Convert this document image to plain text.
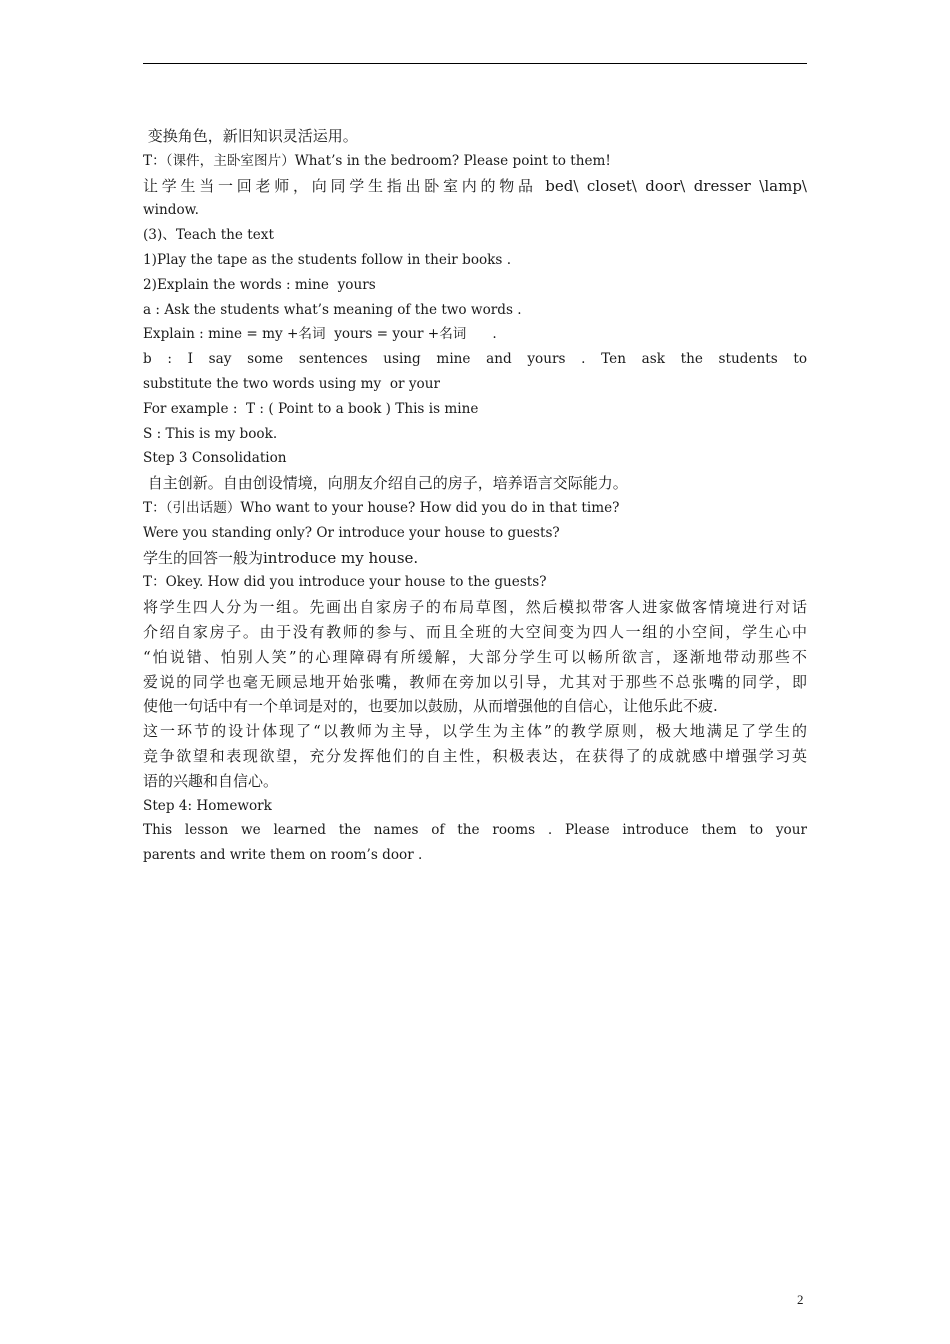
变换角色，新旧知识灵活运用。
T：（课件，主卧室图片）What’s in the bedroom? Please point to them!
让学生当一回老师，向同学生指出卧室内的物品 bed\ closet\ door\ dresser \lamp\
window.
(3)、Teach the text
1)Play the tape as the students follow in their books .
2)Explain the words : mine  yours
a : Ask the students what’s meaning of the two words .
Explain : mine = my +名词  yours = your +名词      .
b : I say some sentences using mine and yours . Ten ask the students to
substitute the two words using my  or your
For example :  T : ( Point to a book ) This is mine
S : This is my book.
Step 3 Consolidation
自主创新。自由创设情境，向朋友介绍自己的房子，培养语言交际能力。
T：（引出话题）Who want to your house? How did you do in that time?
Were you standing only? Or introduce your house to guests?
学生的回答一般为introduce my house.
T：Okey. How did you introduce your house to the guests?
将学生四人分为一组。先画出自家房子的布局草图，然后模拟带客人进家做客情境进行对话
介绍自家房子。由于没有教师的参与、而且全班的大空间变为四人一组的小空间，学生心中
“怕说错、怕别人笑”的心理障碍有所缓解，大部分学生可以畅所欲言，逐渐地带动那些不
爱说的同学也毫无顾忌地开始张嘴，教师在旁加以引导，尤其对于那些不总张嘴的同学，即
使他一句话中有一个单词是对的，也要加以鼓励，从而增强他的自信心，让他乐此不疲.
这一环节的设计体现了“以教师为主导，以学生为主体”的教学原则，极大地满足了学生的
竞争欲望和表现欲望，充分发挥他们的自主性，积极表达，在获得了的成就感中增强学习英
语的兴趣和自信心。
Step 4: Homework
This lesson we learned the names of the rooms . Please introduce them to your
parents and write them on room’s door .
2
